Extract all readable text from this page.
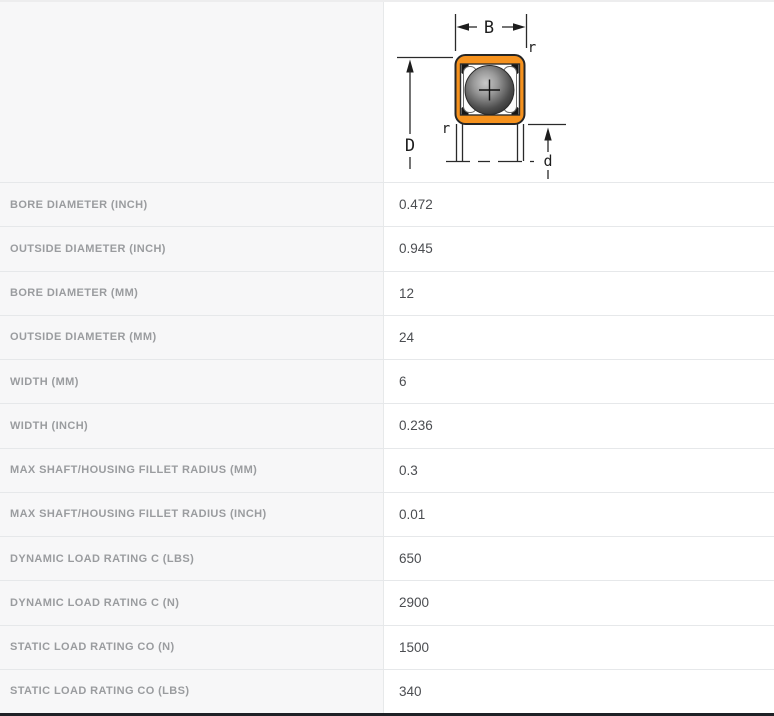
B
r
r
D
d
BORE DIAMETER (INCH)	0.472
OUTSIDE DIAMETER (INCH)	0.945
BORE DIAMETER (MM)	12
OUTSIDE DIAMETER (MM)	24
WIDTH (MM)	6
WIDTH (INCH)	0.236
MAX SHAFT/HOUSING FILLET RADIUS (MM)	0.3
MAX SHAFT/HOUSING FILLET RADIUS (INCH)	0.01
DYNAMIC LOAD RATING C (LBS)	650
DYNAMIC LOAD RATING C (N)	2900
STATIC LOAD RATING CO (N)	1500
STATIC LOAD RATING CO (LBS)	340
